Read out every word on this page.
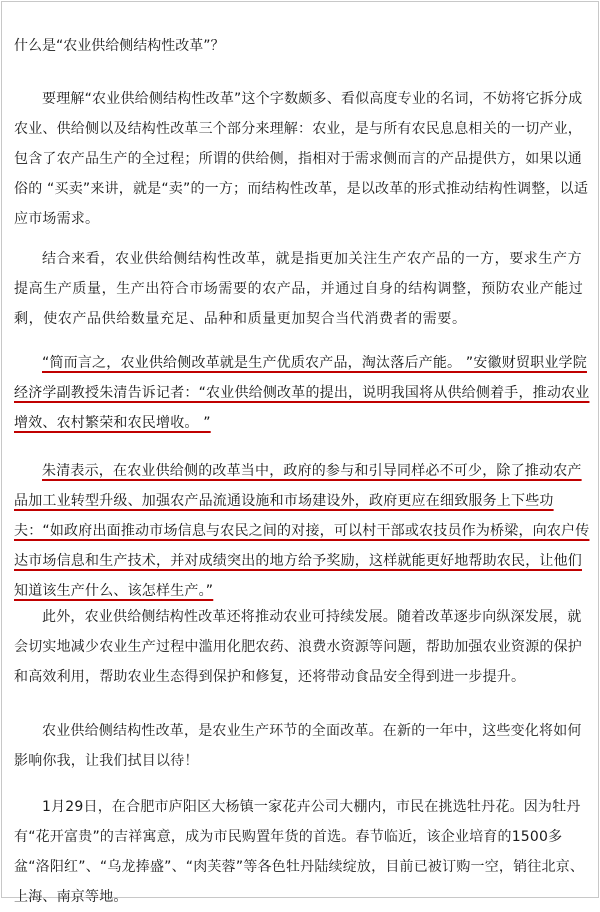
什么是“农业供给侧结构性改革”？

要理解“农业供给侧结构性改革”这个字数颇多、看似高度专业的名词，不妨将它拆分成农业、供给侧以及结构性改革三个部分来理解：农业，是与所有农民息息相关的一切产业，包含了农产品生产的全过程；所谓的供给侧，指相对于需求侧而言的产品提供方，如果以通俗的 “买卖”来讲，就是“卖”的一方；而结构性改革，是以改革的形式推动结构性调整，以适应市场需求。

结合来看，农业供给侧结构性改革，就是指更加关注生产农产品的一方，要求生产方提高生产质量，生产出符合市场需要的农产品，并通过自身的结构调整，预防农业产能过剩，使农产品供给数量充足、品种和质量更加契合当代消费者的需要。

“简而言之，农业供给侧改革就是生产优质农产品，淘汰落后产能。 ”安徽财贸职业学院经济学副教授朱清告诉记者：“农业供给侧改革的提出，说明我国将从供给侧着手，推动农业增效、农村繁荣和农民增收。 ”

朱清表示，在农业供给侧的改革当中，政府的参与和引导同样必不可少，除了推动农产品加工业转型升级、加强农产品流通设施和市场建设外，政府更应在细致服务上下些功夫：“如政府出面推动市场信息与农民之间的对接，可以村干部或农技员作为桥梁，向农户传达市场信息和生产技术，并对成绩突出的地方给予奖励，这样就能更好地帮助农民，让他们知道该生产什么、该怎样生产。”

此外，农业供给侧结构性改革还将推动农业可持续发展。随着改革逐步向纵深发展，就会切实地减少农业生产过程中滥用化肥农药、浪费水资源等问题，帮助加强农业资源的保护和高效利用，帮助农业生态得到保护和修复，还将带动食品安全得到进一步提升。

农业供给侧结构性改革，是农业生产环节的全面改革。在新的一年中，这些变化将如何影响你我，让我们拭目以待！

1月29日，在合肥市庐阳区大杨镇一家花卉公司大棚内，市民在挑选牡丹花。因为牡丹有“花开富贵”的吉祥寓意，成为市民购置年货的首选。春节临近，该企业培育的1500多盆“洛阳红”、“乌龙捧盛”、“肉芙蓉”等各色牡丹陆续绽放，目前已被订购一空，销往北京、上海、南京等地。
